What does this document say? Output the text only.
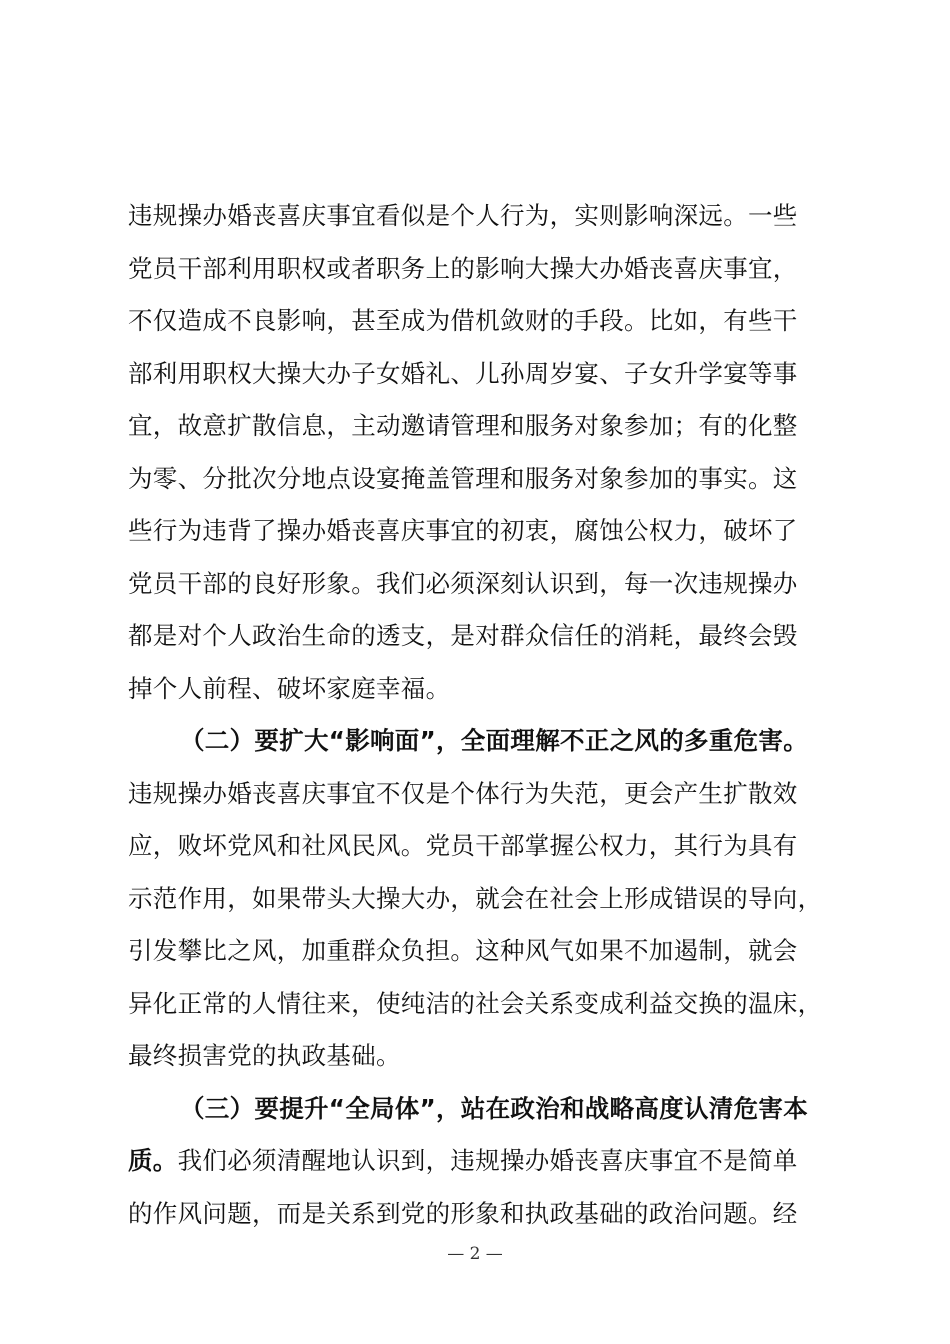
违规操办婚丧喜庆事宜看似是个人行为，实则影响深远。一些
党员干部利用职权或者职务上的影响大操大办婚丧喜庆事宜，
不仅造成不良影响，甚至成为借机敛财的手段。比如，有些干
部利用职权大操大办子女婚礼、儿孙周岁宴、子女升学宴等事
宜，故意扩散信息，主动邀请管理和服务对象参加；有的化整
为零、分批次分地点设宴掩盖管理和服务对象参加的事实。这
些行为违背了操办婚丧喜庆事宜的初衷，腐蚀公权力，破坏了
党员干部的良好形象。我们必须深刻认识到，每一次违规操办
都是对个人政治生命的透支，是对群众信任的消耗，最终会毁
掉个人前程、破坏家庭幸福。
（二）要扩大“影响面”，全面理解不正之风的多重危害。
违规操办婚丧喜庆事宜不仅是个体行为失范，更会产生扩散效
应，败坏党风和社风民风。党员干部掌握公权力，其行为具有
示范作用，如果带头大操大办，就会在社会上形成错误的导向，
引发攀比之风，加重群众负担。这种风气如果不加遏制，就会
异化正常的人情往来，使纯洁的社会关系变成利益交换的温床，
最终损害党的执政基础。
（三）要提升“全局体”，站在政治和战略高度认清危害本
质。我们必须清醒地认识到，违规操办婚丧喜庆事宜不是简单
的作风问题，而是关系到党的形象和执政基础的政治问题。经
— 2 —
